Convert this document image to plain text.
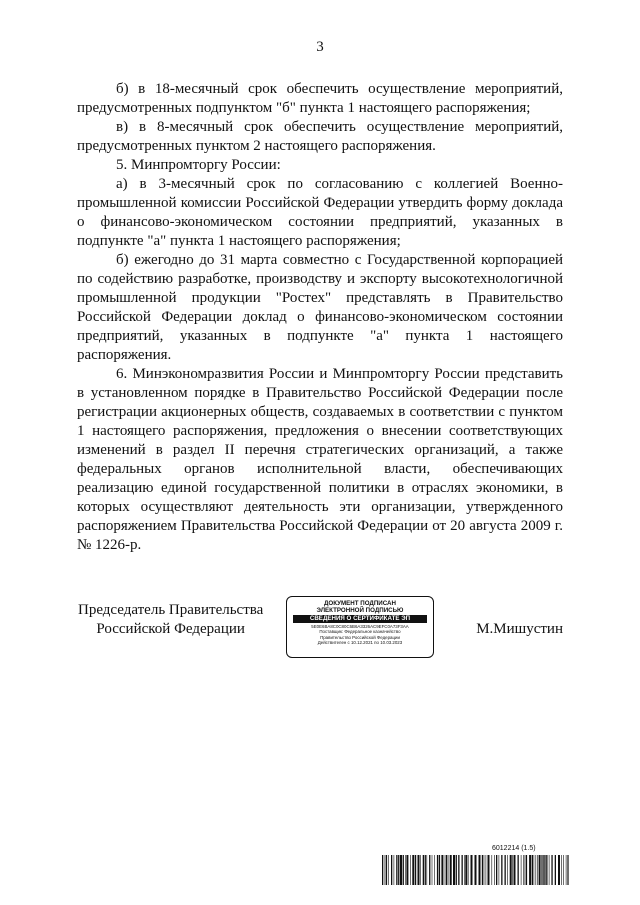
3

б) в 18-месячный срок обеспечить осуществление мероприятий, предусмотренных подпунктом "б" пункта 1 настоящего распоряжения;

в) в 8-месячный срок обеспечить осуществление мероприятий, предусмотренных пунктом 2 настоящего распоряжения.

5. Минпромторгу России:

а) в 3-месячный срок по согласованию с коллегией Военно-промышленной комиссии Российской Федерации утвердить форму доклада о финансово-экономическом состоянии предприятий, указанных в подпункте "а" пункта 1 настоящего распоряжения;

б) ежегодно до 31 марта совместно с Государственной корпорацией по содействию разработке, производству и экспорту высокотехнологичной промышленной продукции "Ростех" представлять в Правительство Российской Федерации доклад о финансово-экономическом состоянии предприятий, указанных в подпункте "а" пункта 1 настоящего распоряжения.

6. Минэкономразвития России и Минпромторгу России представить в установленном порядке в Правительство Российской Федерации после регистрации акционерных обществ, создаваемых в соответствии с пунктом 1 настоящего распоряжения, предложения о внесении соответствующих изменений в раздел II перечня стратегических организаций, а также федеральных органов исполнительной власти, обеспечивающих реализацию единой государственной политики в отраслях экономики, в которых осуществляют деятельность эти организации, утвержденного распоряжением Правительства Российской Федерации от 20 августа 2009 г. № 1226-р.

Председатель Правительства
Российской Федерации
ДОКУМЕНТ ПОДПИСАН
ЭЛЕКТРОННОЙ ПОДПИСЬЮ
СВЕДЕНИЯ О СЕРТИФИКАТЕ ЭП
5E0E6BA8C0C80C6B6A3326AC9EFC0A73F3AA
Поставщик: Федеральное казначейство
Правительство Российской Федерации
Действителен с 10.12.2021 по 10.03.2023
М.Мишустин
6012214 (1.5)
